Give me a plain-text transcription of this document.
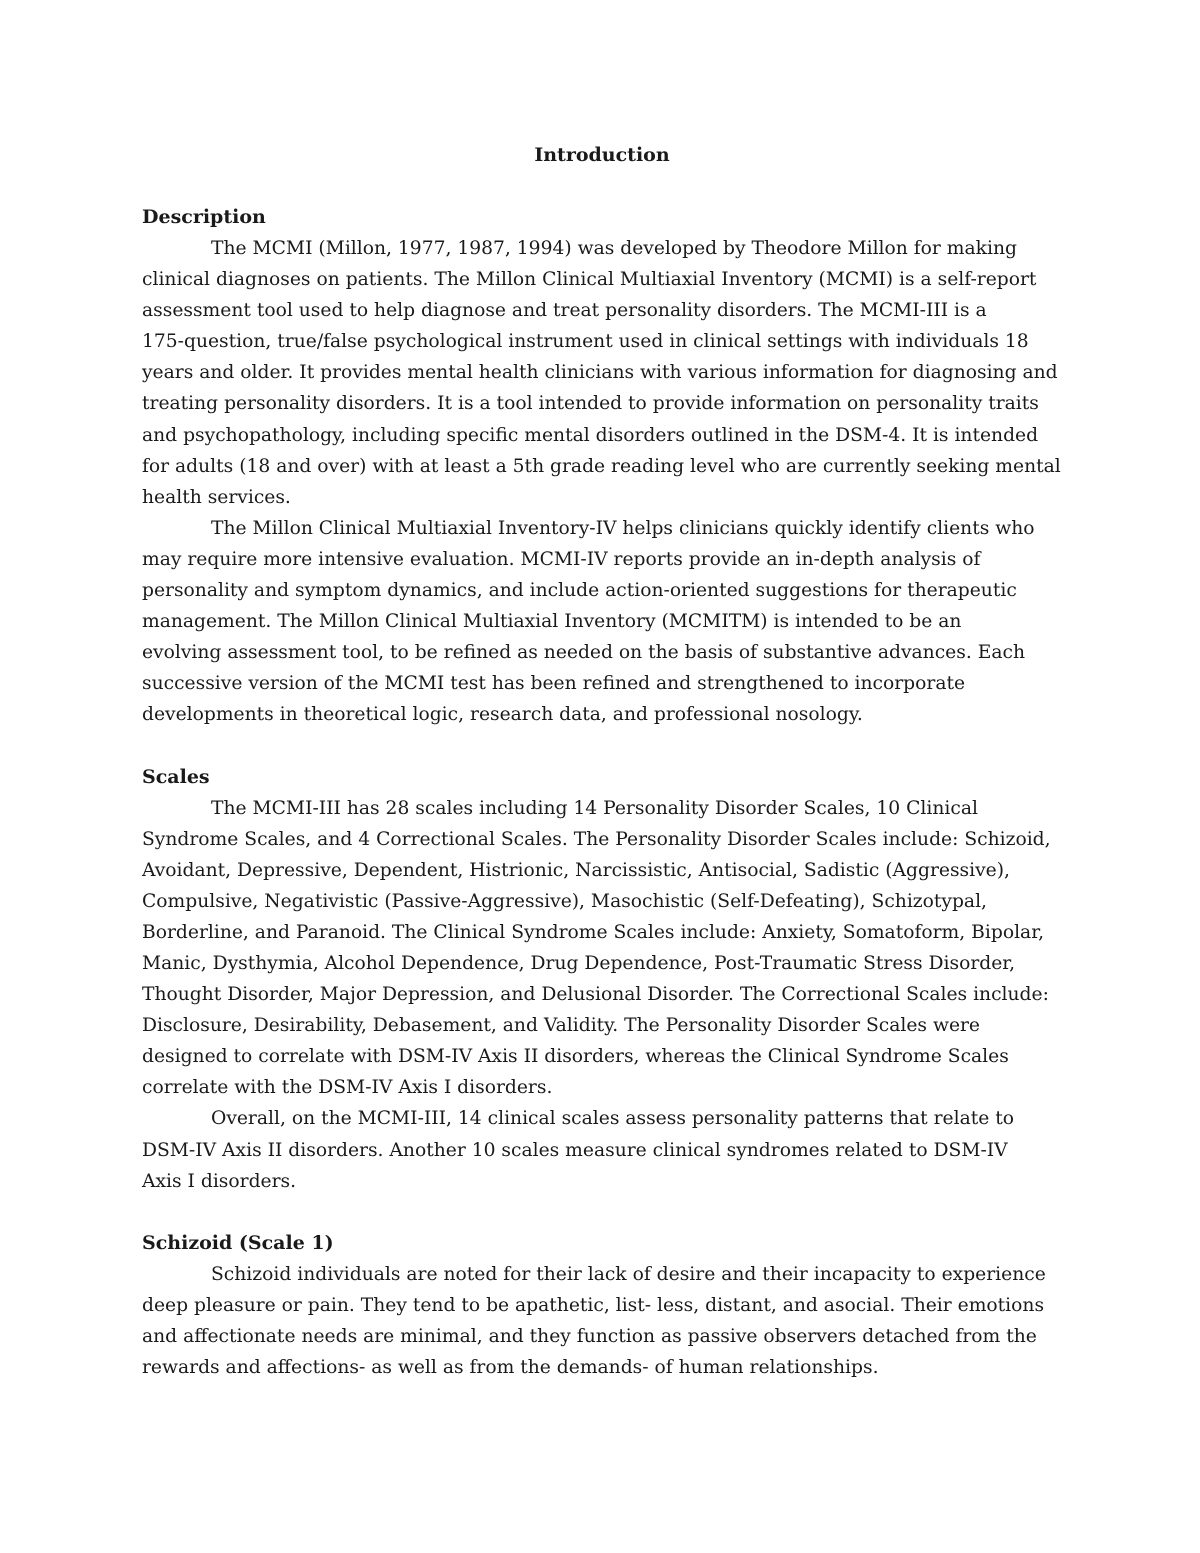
Introduction
Description

The MCMI (Millon, 1977, 1987, 1994) was developed by Theodore Millon for making
clinical diagnoses on patients. The Millon Clinical Multiaxial Inventory (MCMI) is a self-report
assessment tool used to help diagnose and treat personality disorders. The MCMI-III is a
175-question, true/false psychological instrument used in clinical settings with individuals 18
years and older. It provides mental health clinicians with various information for diagnosing and
treating personality disorders. It is a tool intended to provide information on personality traits
and psychopathology, including specific mental disorders outlined in the DSM-4. It is intended
for adults (18 and over) with at least a 5th grade reading level who are currently seeking mental
health services.

The Millon Clinical Multiaxial Inventory-IV helps clinicians quickly identify clients who
may require more intensive evaluation. MCMI-IV reports provide an in-depth analysis of
personality and symptom dynamics, and include action-oriented suggestions for therapeutic
management. The Millon Clinical Multiaxial Inventory (MCMITM) is intended to be an
evolving assessment tool, to be refined as needed on the basis of substantive advances. Each
successive version of the MCMI test has been refined and strengthened to incorporate
developments in theoretical logic, research data, and professional nosology.

Scales

The MCMI-III has 28 scales including 14 Personality Disorder Scales, 10 Clinical
Syndrome Scales, and 4 Correctional Scales. The Personality Disorder Scales include: Schizoid,
Avoidant, Depressive, Dependent, Histrionic, Narcissistic, Antisocial, Sadistic (Aggressive),
Compulsive, Negativistic (Passive-Aggressive), Masochistic (Self-Defeating), Schizotypal,
Borderline, and Paranoid. The Clinical Syndrome Scales include: Anxiety, Somatoform, Bipolar,
Manic, Dysthymia, Alcohol Dependence, Drug Dependence, Post-Traumatic Stress Disorder,
Thought Disorder, Major Depression, and Delusional Disorder. The Correctional Scales include:
Disclosure, Desirability, Debasement, and Validity. The Personality Disorder Scales were
designed to correlate with DSM-IV Axis II disorders, whereas the Clinical Syndrome Scales
correlate with the DSM-IV Axis I disorders.

Overall, on the MCMI-III, 14 clinical scales assess personality patterns that relate to
DSM-IV Axis II disorders. Another 10 scales measure clinical syndromes related to DSM-IV
Axis I disorders.

Schizoid (Scale 1)

Schizoid individuals are noted for their lack of desire and their incapacity to experience
deep pleasure or pain. They tend to be apathetic, list- less, distant, and asocial. Their emotions
and affectionate needs are minimal, and they function as passive observers detached from the
rewards and affections- as well as from the demands- of human relationships.
